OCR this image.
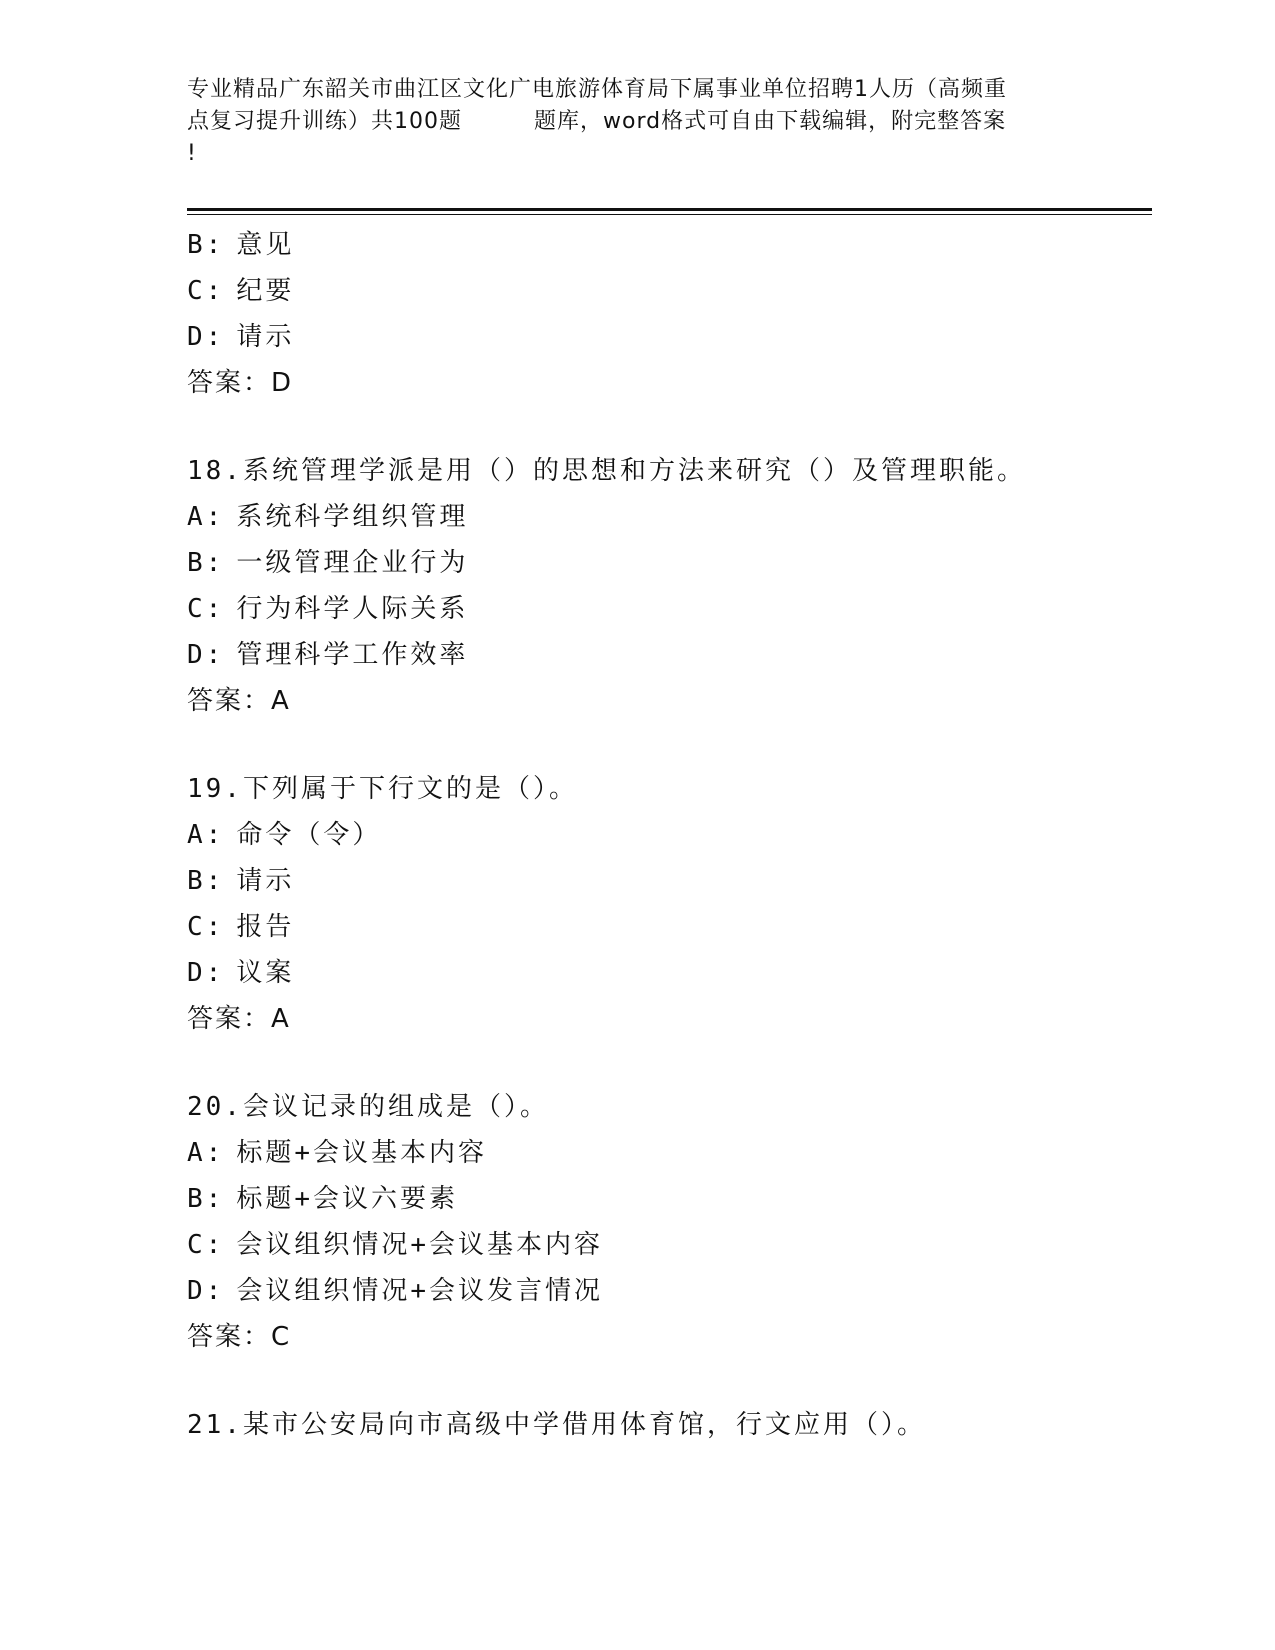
专业精品广东韶关市曲江区文化广电旅游体育局下属事业单位招聘1人历（高频重
点复习提升训练）共100题	题库，word格式可自由下载编辑，附完整答案
!
B: 意见
C: 纪要
D: 请示
答案：D
18.系统管理学派是用（）的思想和方法来研究（）及管理职能。
A: 系统科学组织管理
B: 一级管理企业行为
C: 行为科学人际关系
D: 管理科学工作效率
答案：A
19.下列属于下行文的是（）。
A: 命令（令）
B: 请示
C: 报告
D: 议案
答案：A
20.会议记录的组成是（）。
A: 标题+会议基本内容
B: 标题+会议六要素
C: 会议组织情况+会议基本内容
D: 会议组织情况+会议发言情况
答案：C
21.某市公安局向市高级中学借用体育馆，行文应用（）。
